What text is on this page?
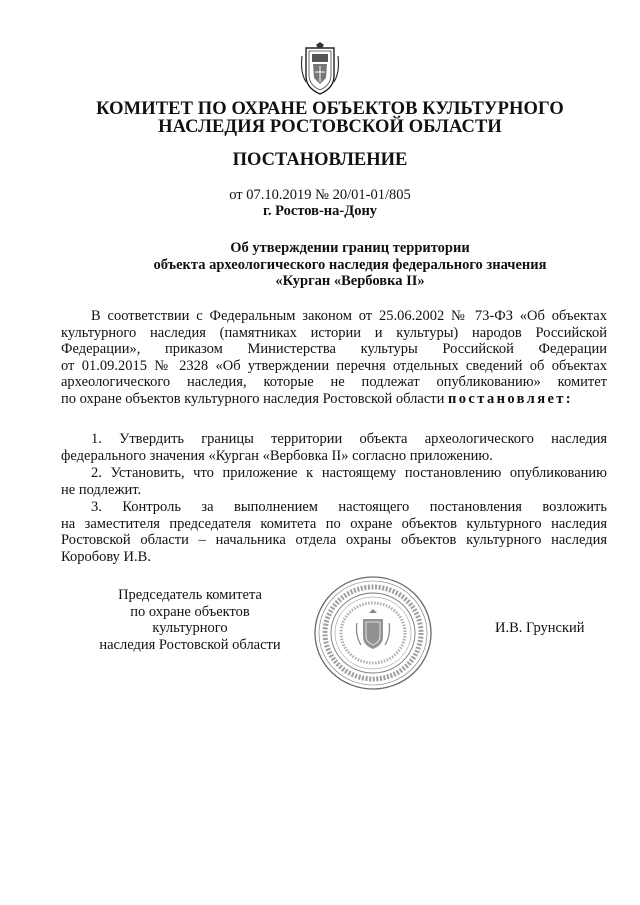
КОМИТЕТ ПО ОХРАНЕ ОБЪЕКТОВ КУЛЬТУРНОГО
НАСЛЕДИЯ РОСТОВСКОЙ ОБЛАСТИ
ПОСТАНОВЛЕНИЕ
от 07.10.2019 № 20/01-01/805
г. Ростов-на-Дону
Об утверждении границ территории
объекта археологического наследия федерального значения
«Курган «Вербовка II»
В соответствии с Федеральным законом от 25.06.2002 № 73-ФЗ «Об объектах
культурного наследия (памятниках истории и культуры) народов Российской
Федерации», приказом Министерства культуры Российской Федерации
от 01.09.2015 № 2328 «Об утверждении перечня отдельных сведений об объектах
археологического наследия, которые не подлежат опубликованию» комитет
по охране объектов культурного наследия Ростовской области постановляет:
1. Утвердить границы территории объекта археологического наследия
федерального значения «Курган «Вербовка II» согласно приложению.
2. Установить, что приложение к настоящему постановлению опубликованию
не подлежит.
3. Контроль за выполнением настоящего постановления возложить
на заместителя председателя комитета по охране объектов культурного наследия
Ростовской области – начальника отдела охраны объектов культурного наследия
Коробову И.В.
Председатель комитета
по охране объектов культурного
наследия Ростовской области
И.В. Грунский
